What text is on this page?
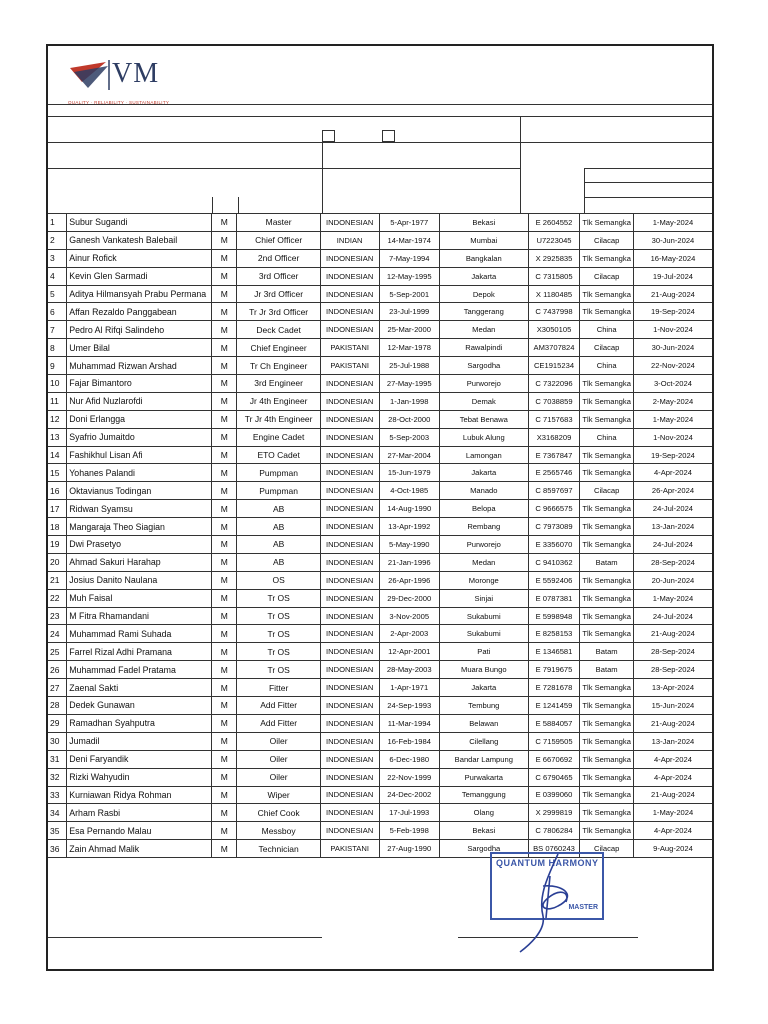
VM
QUALITY · RELIABILITY · SUSTAINABILITY
1	Subur Sugandi	M	Master	INDONESIAN	5-Apr-1977	Bekasi	E 2604552	Tlk Semangka	1-May-2024
2	Ganesh Vankatesh Balebail	M	Chief Officer	INDIAN	14-Mar-1974	Mumbai	U7223045	Cilacap	30-Jun-2024
3	Ainur Rofick	M	2nd Officer	INDONESIAN	7-May-1994	Bangkalan	X 2925835	Tlk Semangka	16-May-2024
4	Kevin Glen Sarmadi	M	3rd Officer	INDONESIAN	12-May-1995	Jakarta	C 7315805	Cilacap	19-Jul-2024
5	Aditya Hilmansyah Prabu Permana	M	Jr 3rd Officer	INDONESIAN	5-Sep-2001	Depok	X 1180485	Tlk Semangka	21-Aug-2024
6	Affan Rezaldo Panggabean	M	Tr Jr 3rd Officer	INDONESIAN	23-Jul-1999	Tanggerang	C 7437998	Tlk Semangka	19-Sep-2024
7	Pedro Al Rifqi Salindeho	M	Deck Cadet	INDONESIAN	25-Mar-2000	Medan	X3050105	China	1-Nov-2024
8	Umer Bilal	M	Chief Engineer	PAKISTANI	12-Mar-1978	Rawalpindi	AM3707824	Cilacap	30-Jun-2024
9	Muhammad Rizwan Arshad	M	Tr Ch Engineer	PAKISTANI	25-Jul-1988	Sargodha	CE1915234	China	22-Nov-2024
10	Fajar Bimantoro	M	3rd Engineer	INDONESIAN	27-May-1995	Purworejo	C 7322096	Tlk Semangka	3-Oct-2024
11	Nur Afid Nuzlarofdi	M	Jr 4th Engineer	INDONESIAN	1-Jan-1998	Demak	C 7038859	Tlk Semangka	2-May-2024
12	Doni Erlangga	M	Tr Jr 4th Engineer	INDONESIAN	28-Oct-2000	Tebat Benawa	C 7157683	Tlk Semangka	1-May-2024
13	Syafrio Jumaitdo	M	Engine Cadet	INDONESIAN	5-Sep-2003	Lubuk Alung	X3168209	China	1-Nov-2024
14	Fashikhul Lisan Afi	M	ETO Cadet	INDONESIAN	27-Mar-2004	Lamongan	E 7367847	Tlk Semangka	19-Sep-2024
15	Yohanes Palandi	M	Pumpman	INDONESIAN	15-Jun-1979	Jakarta	E 2565746	Tlk Semangka	4-Apr-2024
16	Oktavianus Todingan	M	Pumpman	INDONESIAN	4-Oct-1985	Manado	C 8597697	Cilacap	26-Apr-2024
17	Ridwan Syamsu	M	AB	INDONESIAN	14-Aug-1990	Belopa	C 9666575	Tlk Semangka	24-Jul-2024
18	Mangaraja Theo Siagian	M	AB	INDONESIAN	13-Apr-1992	Rembang	C 7973089	Tlk Semangka	13-Jan-2024
19	Dwi Prasetyo	M	AB	INDONESIAN	5-May-1990	Purworejo	E 3356070	Tlk Semangka	24-Jul-2024
20	Ahmad Sakuri Harahap	M	AB	INDONESIAN	21-Jan-1996	Medan	C 9410362	Batam	28-Sep-2024
21	Josius Danito Naulana	M	OS	INDONESIAN	26-Apr-1996	Moronge	E 5592406	Tlk Semangka	20-Jun-2024
22	Muh Faisal	M	Tr OS	INDONESIAN	29-Dec-2000	Sinjai	E 0787381	Tlk Semangka	1-May-2024
23	M Fitra Rhamandani	M	Tr OS	INDONESIAN	3-Nov-2005	Sukabumi	E 5998948	Tlk Semangka	24-Jul-2024
24	Muhammad Rami Suhada	M	Tr OS	INDONESIAN	2-Apr-2003	Sukabumi	E 8258153	Tlk Semangka	21-Aug-2024
25	Farrel Rizal Adhi Pramana	M	Tr OS	INDONESIAN	12-Apr-2001	Pati	E 1346581	Batam	28-Sep-2024
26	Muhammad Fadel Pratama	M	Tr OS	INDONESIAN	28-May-2003	Muara Bungo	E 7919675	Batam	28-Sep-2024
27	Zaenal Sakti	M	Fitter	INDONESIAN	1-Apr-1971	Jakarta	E 7281678	Tlk Semangka	13-Apr-2024
28	Dedek Gunawan	M	Add Fitter	INDONESIAN	24-Sep-1993	Tembung	E 1241459	Tlk Semangka	15-Jun-2024
29	Ramadhan Syahputra	M	Add Fitter	INDONESIAN	11-Mar-1994	Belawan	E 5884057	Tlk Semangka	21-Aug-2024
30	Jumadil	M	Oiler	INDONESIAN	16-Feb-1984	Cilellang	C 7159505	Tlk Semangka	13-Jan-2024
31	Deni Faryandik	M	Oiler	INDONESIAN	6-Dec-1980	Bandar Lampung	E 6670692	Tlk Semangka	4-Apr-2024
32	Rizki Wahyudin	M	Oiler	INDONESIAN	22-Nov-1999	Purwakarta	C 6790465	Tlk Semangka	4-Apr-2024
33	Kurniawan Ridya Rohman	M	Wiper	INDONESIAN	24-Dec-2002	Temanggung	E 0399060	Tlk Semangka	21-Aug-2024
34	Arham Rasbi	M	Chief Cook	INDONESIAN	17-Jul-1993	Olang	X 2999819	Tlk Semangka	1-May-2024
35	Esa Pernando Malau	M	Messboy	INDONESIAN	5-Feb-1998	Bekasi	C 7806284	Tlk Semangka	4-Apr-2024
36	Zain Ahmad Malik	M	Technician	PAKISTANI	27-Aug-1990	Sargodha	BS 0760243	Cilacap	9-Aug-2024
QUANTUM HARMONY
MASTER
